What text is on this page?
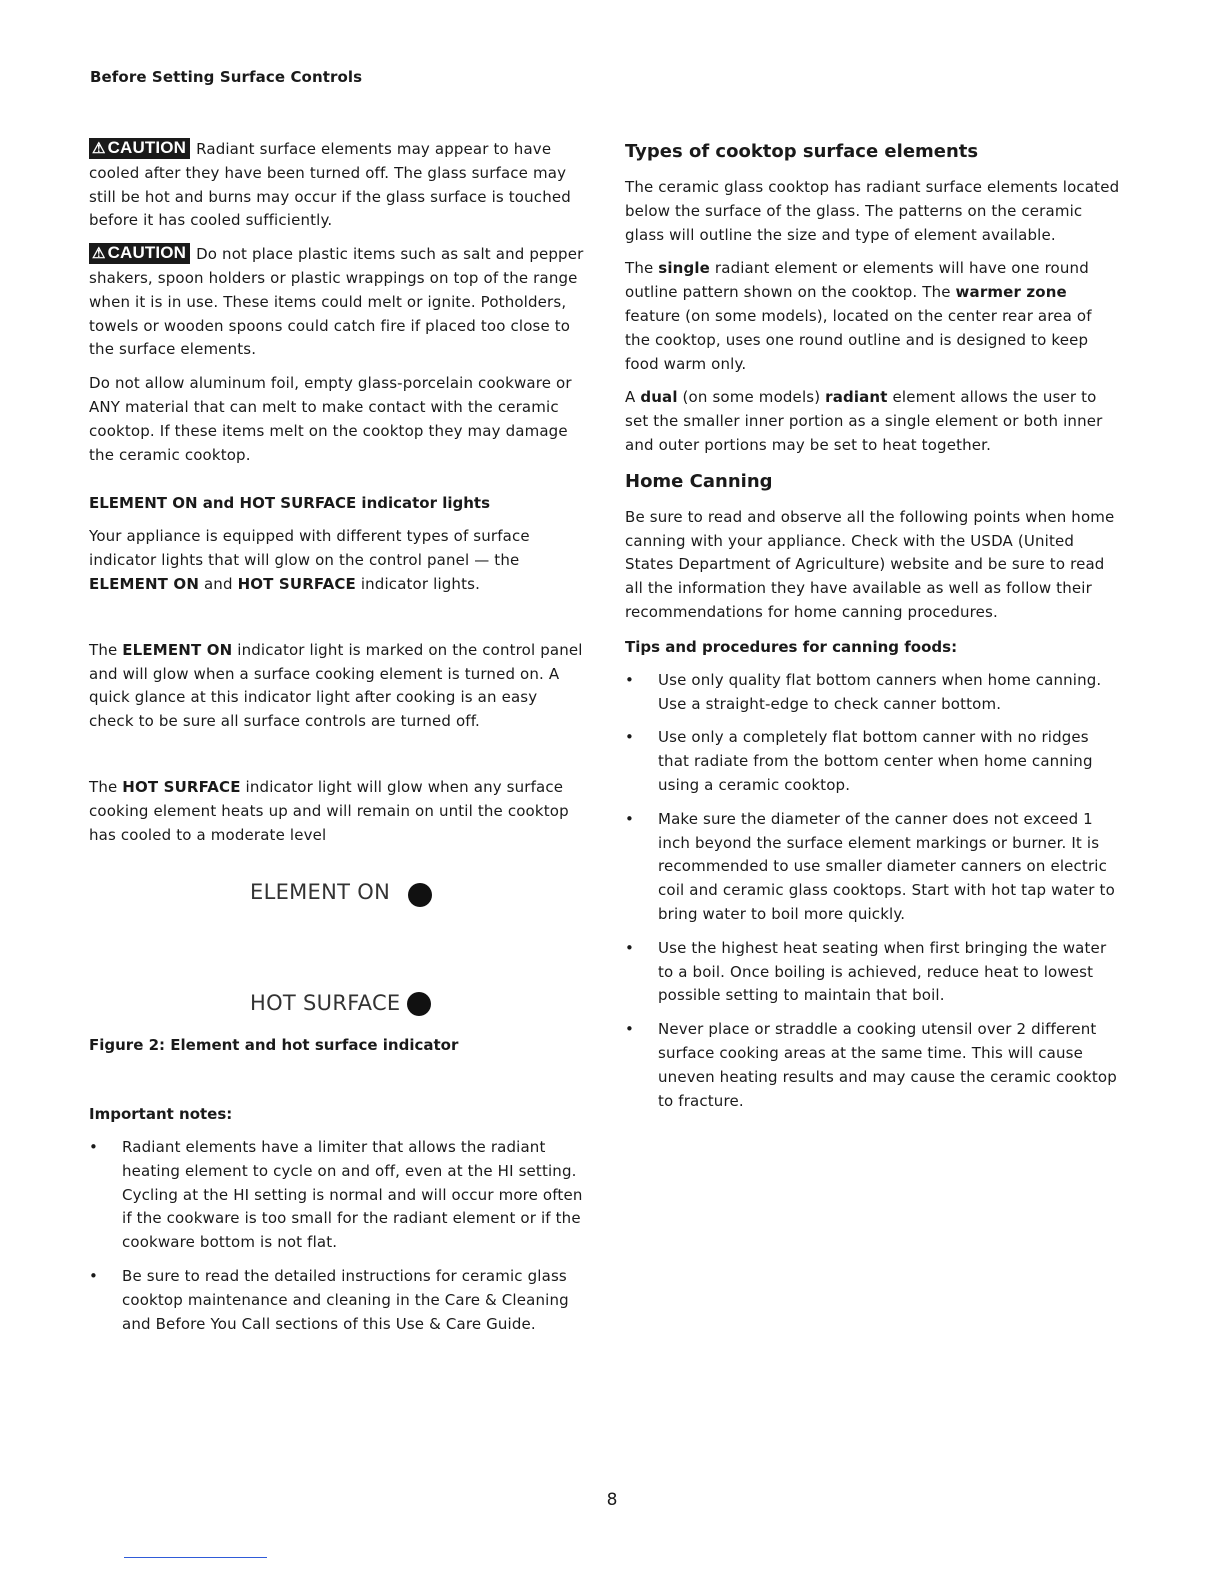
Before Setting Surface Controls

⚠ CAUTION Radiant surface elements may appear to have cooled after they have been turned off. The glass surface may still be hot and burns may occur if the glass surface is touched before it has cooled sufficiently.

⚠ CAUTION Do not place plastic items such as salt and pepper shakers, spoon holders or plastic wrappings on top of the range when it is in use. These items could melt or ignite. Potholders, towels or wooden spoons could catch fire if placed too close to the surface elements.

Do not allow aluminum foil, empty glass-porcelain cookware or ANY material that can melt to make contact with the ceramic cooktop. If these items melt on the cooktop they may damage the ceramic cooktop.

ELEMENT ON and HOT SURFACE indicator lights

Your appliance is equipped with different types of surface indicator lights that will glow on the control panel — the ELEMENT ON and HOT SURFACE indicator lights.

The ELEMENT ON indicator light is marked on the control panel and will glow when a surface cooking element is turned on. A quick glance at this indicator light after cooking is an easy check to be sure all surface controls are turned off.

The HOT SURFACE indicator light will glow when any surface cooking element heats up and will remain on until the cooktop has cooled to a moderate level

ELEMENT ON
HOT SURFACE
Figure 2: Element and hot surface indicator
Important notes:
• Radiant elements have a limiter that allows the radiant heating element to cycle on and off, even at the HI setting. Cycling at the HI setting is normal and will occur more often if the cookware is too small for the radiant element or if the cookware bottom is not flat.
• Be sure to read the detailed instructions for ceramic glass cooktop maintenance and cleaning in the Care & Cleaning and Before You Call sections of this Use & Care Guide.
Types of cooktop surface elements

The ceramic glass cooktop has radiant surface elements located below the surface of the glass. The patterns on the ceramic glass will outline the size and type of element available.

The single radiant element or elements will have one round outline pattern shown on the cooktop. The warmer zone feature (on some models), located on the center rear area of the cooktop, uses one round outline and is designed to keep food warm only.

A dual (on some models) radiant element allows the user to set the smaller inner portion as a single element or both inner and outer portions may be set to heat together.

Home Canning

Be sure to read and observe all the following points when home canning with your appliance. Check with the USDA (United States Department of Agriculture) website and be sure to read all the information they have available as well as follow their recommendations for home canning procedures.

Tips and procedures for canning foods:
• Use only quality flat bottom canners when home canning. Use a straight-edge to check canner bottom.
• Use only a completely flat bottom canner with no ridges that radiate from the bottom center when home canning using a ceramic cooktop.
• Make sure the diameter of the canner does not exceed 1 inch beyond the surface element markings or burner. It is recommended to use smaller diameter canners on electric coil and ceramic glass cooktops. Start with hot tap water to bring water to boil more quickly.
• Use the highest heat seating when first bringing the water to a boil. Once boiling is achieved, reduce heat to lowest possible setting to maintain that boil.
• Never place or straddle a cooking utensil over 2 different surface cooking areas at the same time. This will cause uneven heating results and may cause the ceramic cooktop to fracture.
8
